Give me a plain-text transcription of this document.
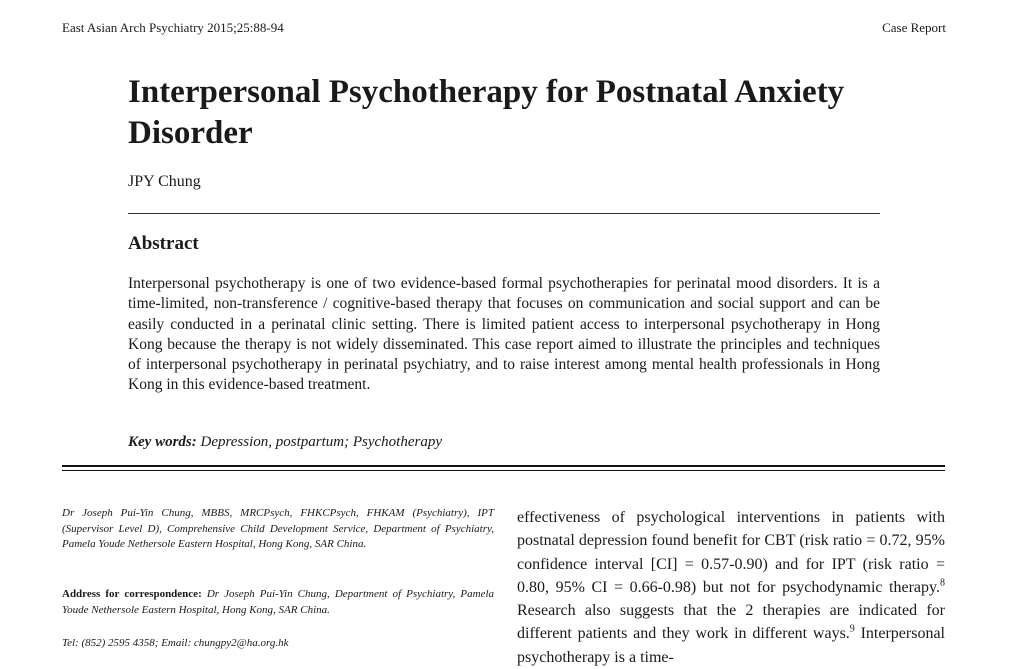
East Asian Arch Psychiatry 2015;25:88-94	Case Report
Interpersonal Psychotherapy for Postnatal Anxiety Disorder
JPY Chung
Abstract

Interpersonal psychotherapy is one of two evidence-based formal psychotherapies for perinatal mood disorders. It is a time-limited, non-transference / cognitive-based therapy that focuses on communication and social support and can be easily conducted in a perinatal clinic setting. There is limited patient access to interpersonal psychotherapy in Hong Kong because the therapy is not widely disseminated. This case report aimed to illustrate the principles and techniques of interpersonal psychotherapy in perinatal psychiatry, and to raise interest among mental health professionals in Hong Kong in this evidence-based treatment.

Key words: Depression, postpartum; Psychotherapy

Dr Joseph Pui-Yin Chung, MBBS, MRCPsych, FHKCPsych, FHKAM (Psychiatry), IPT (Supervisor Level D), Comprehensive Child Development Service, Department of Psychiatry, Pamela Youde Nethersole Eastern Hospital, Hong Kong, SAR China.

Address for correspondence: Dr Joseph Pui-Yin Chung, Department of Psychiatry, Pamela Youde Nethersole Eastern Hospital, Hong Kong, SAR China.

Tel: (852) 2595 4358; Email: chungpy2@ha.org.hk

effectiveness of psychological interventions in patients with postnatal depression found benefit for CBT (risk ratio = 0.72, 95% confidence interval [CI] = 0.57-0.90) and for IPT (risk ratio = 0.80, 95% CI = 0.66-0.98) but not for psychodynamic therapy.$^8$ Research also suggests that the 2 therapies are indicated for different patients and they work in different ways.$^9$ Interpersonal psychotherapy is a time-
